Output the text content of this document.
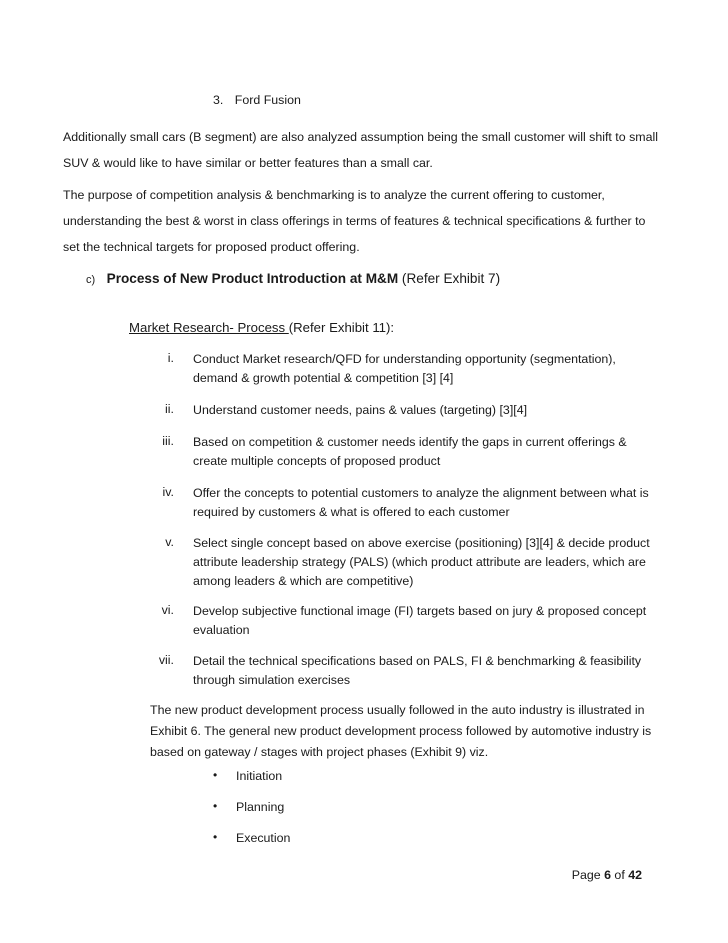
3. Ford Fusion
Additionally small cars (B segment) are also analyzed assumption being the small customer will shift to small
SUV & would like to have similar or better features than a small car.
The purpose of competition analysis & benchmarking is to analyze the current offering to customer,
understanding the best & worst in class offerings in terms of features & technical specifications & further to
set the technical targets for proposed product offering.
c) Process of New Product Introduction at M&M (Refer Exhibit 7)
Market Research- Process (Refer Exhibit 11):
i. Conduct Market research/QFD for understanding opportunity (segmentation),
demand & growth potential & competition [3] [4]
ii. Understand customer needs, pains & values (targeting) [3][4]
iii. Based on competition & customer needs identify the gaps in current offerings &
create multiple concepts of proposed product
iv. Offer the concepts to potential customers to analyze the alignment between what is
required by customers & what is offered to each customer
v. Select single concept based on above exercise (positioning) [3][4] & decide product
attribute leadership strategy (PALS) (which product attribute are leaders, which are
among leaders & which are competitive)
vi. Develop subjective functional image (FI) targets based on jury & proposed concept
evaluation
vii. Detail the technical specifications based on PALS, FI & benchmarking & feasibility
through simulation exercises
The new product development process usually followed in the auto industry is illustrated in
Exhibit 6. The general new product development process followed by automotive industry is
based on gateway / stages with project phases (Exhibit 9) viz.
• Initiation
• Planning
• Execution
Page 6 of 42
